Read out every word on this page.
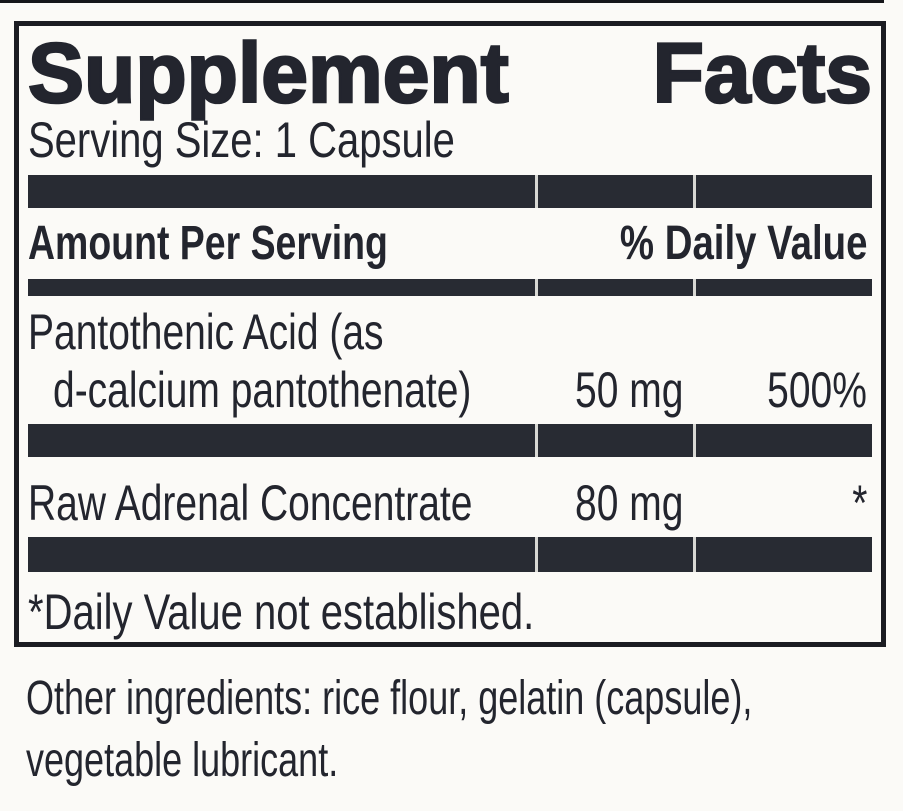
Supplement Facts
Serving Size: 1 Capsule
Amount Per Serving	% Daily Value
Pantothenic Acid (as
d-calcium pantothenate)	50 mg	500%
Raw Adrenal Concentrate	80 mg	*
*Daily Value not established.
Other ingredients: rice flour, gelatin (capsule),
vegetable lubricant.
